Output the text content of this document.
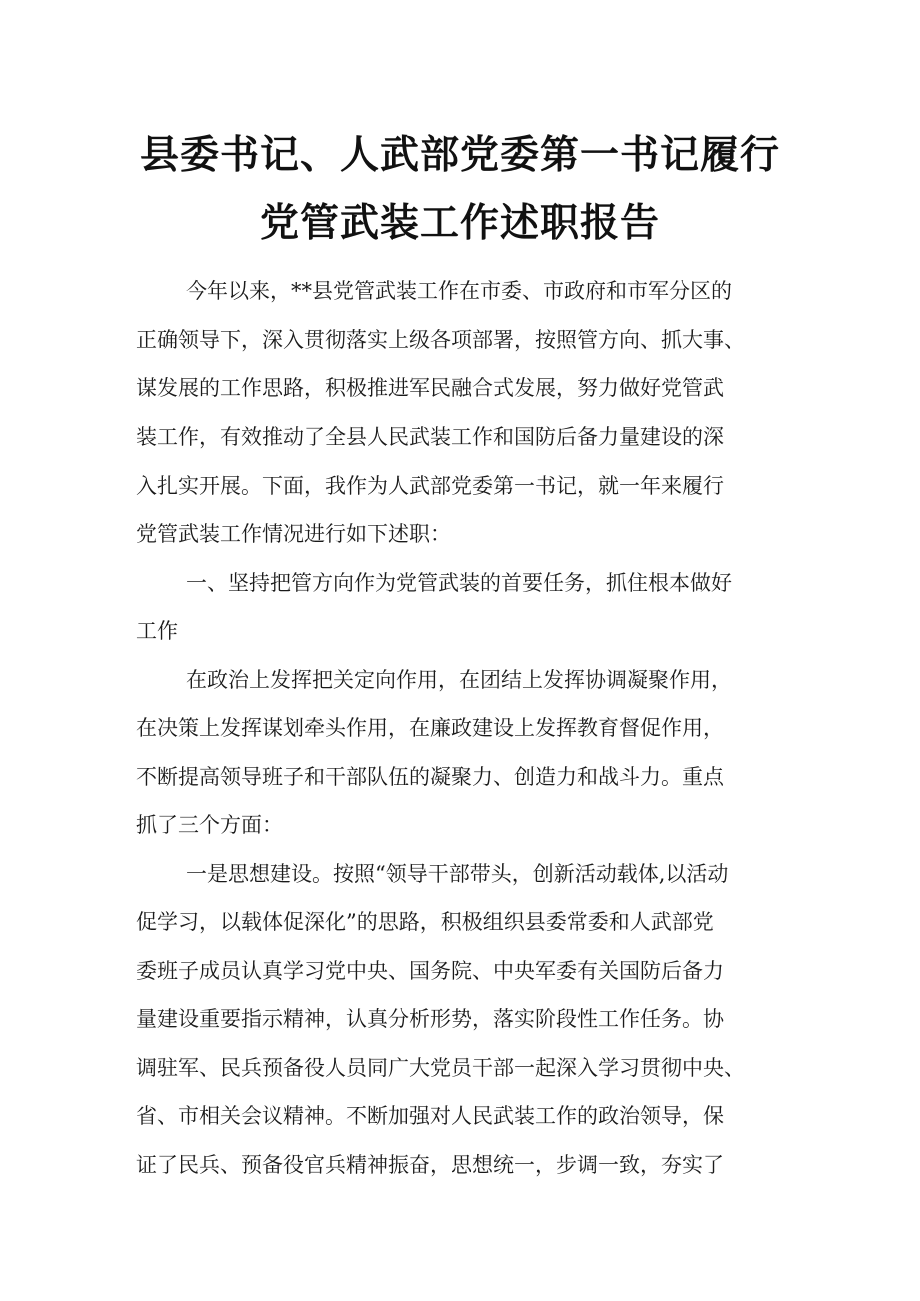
县委书记、人武部党委第一书记履行
党管武装工作述职报告
今年以来，**县党管武装工作在市委、市政府和市军分区的
正确领导下，深入贯彻落实上级各项部署，按照管方向、抓大事、
谋发展的工作思路，积极推进军民融合式发展，努力做好党管武
装工作，有效推动了全县人民武装工作和国防后备力量建设的深
入扎实开展。下面，我作为人武部党委第一书记，就一年来履行
党管武装工作情况进行如下述职：
一、坚持把管方向作为党管武装的首要任务，抓住根本做好
工作
在政治上发挥把关定向作用，在团结上发挥协调凝聚作用，
在决策上发挥谋划牵头作用，在廉政建设上发挥教育督促作用，
不断提高领导班子和干部队伍的凝聚力、创造力和战斗力。重点
抓了三个方面：
一是思想建设。按照“领导干部带头，创新活动载体,以活动
促学习，以载体促深化”的思路，积极组织县委常委和人武部党
委班子成员认真学习党中央、国务院、中央军委有关国防后备力
量建设重要指示精神，认真分析形势，落实阶段性工作任务。协
调驻军、民兵预备役人员同广大党员干部一起深入学习贯彻中央、
省、市相关会议精神。不断加强对人民武装工作的政治领导，保
证了民兵、预备役官兵精神振奋，思想统一，步调一致，夯实了
